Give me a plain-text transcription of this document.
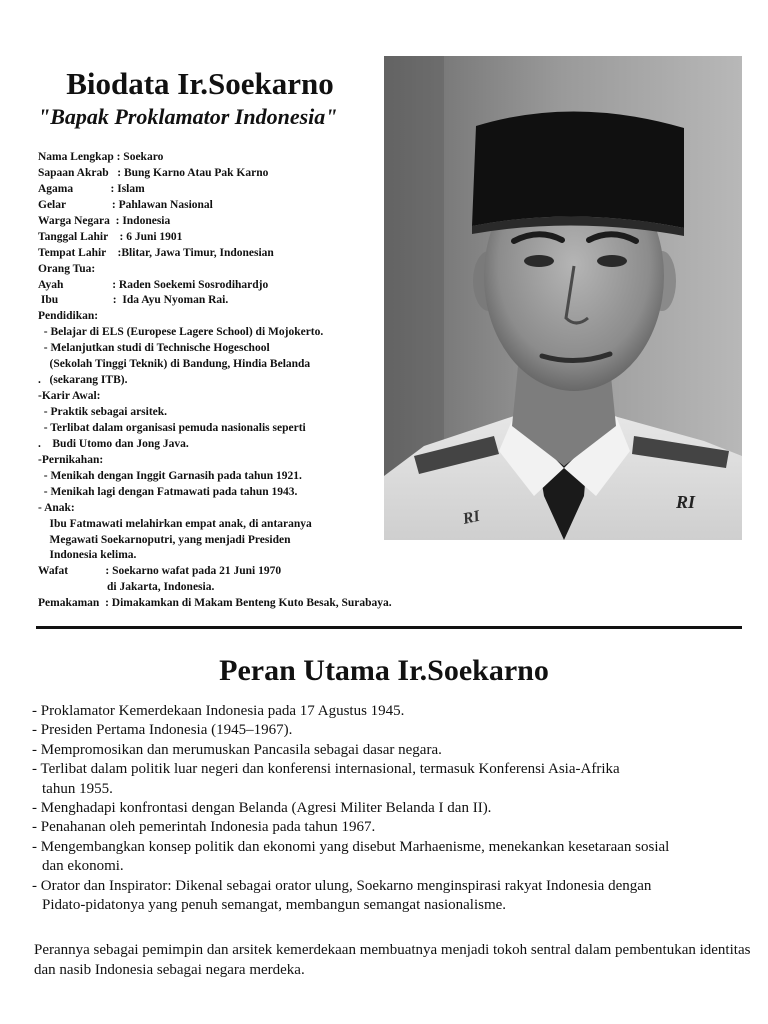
Biodata Ir.Soekarno
"Bapak Proklamator Indonesia"
Nama Lengkap : Soekaro
Sapaan Akrab   : Bung Karno Atau Pak Karno
Agama             : Islam
Gelar                : Pahlawan Nasional
Warga Negara  : Indonesia
Tanggal Lahir    : 6 Juni 1901
Tempat Lahir    :Blitar, Jawa Timur, Indonesian
Orang Tua:
Ayah                 : Raden Soekemi Sosrodihardjo
Ibu                   :  Ida Ayu Nyoman Rai.
Pendidikan:
- Belajar di ELS (Europese Lagere School) di Mojokerto.
- Melanjutkan studi di Technische Hogeschool
(Sekolah Tinggi Teknik) di Bandung, Hindia Belanda
.   (sekarang ITB).
-Karir Awal:
- Praktik sebagai arsitek.
- Terlibat dalam organisasi pemuda nasionalis seperti
.    Budi Utomo dan Jong Java.
-Pernikahan:
- Menikah dengan Inggit Garnasih pada tahun 1921.
- Menikah lagi dengan Fatmawati pada tahun 1943.
- Anak:
Ibu Fatmawati melahirkan empat anak, di antaranya
Megawati Soekarnoputri, yang menjadi Presiden
Indonesia kelima.
Wafat             : Soekarno wafat pada 21 Juni 1970
di Jakarta, Indonesia.
Pemakaman  : Dimakamkan di Makam Benteng Kuto Besak, Surabaya.
RI
RI
Peran Utama Ir.Soekarno
- Proklamator Kemerdekaan Indonesia pada 17 Agustus 1945.
- Presiden Pertama Indonesia (1945–1967).
- Mempromosikan dan merumuskan Pancasila sebagai dasar negara.
- Terlibat dalam politik luar negeri dan konferensi internasional, termasuk Konferensi Asia-Afrika
tahun 1955.
- Menghadapi konfrontasi dengan Belanda (Agresi Militer Belanda I dan II).
- Penahanan oleh pemerintah Indonesia pada tahun 1967.
- Mengembangkan konsep politik dan ekonomi yang disebut Marhaenisme, menekankan kesetaraan sosial
dan ekonomi.
- Orator dan Inspirator: Dikenal sebagai orator ulung, Soekarno menginspirasi rakyat Indonesia dengan
Pidato-pidatonya yang penuh semangat, membangun semangat nasionalisme.

Perannya sebagai pemimpin dan arsitek kemerdekaan membuatnya menjadi tokoh sentral dalam pembentukan identitas dan nasib Indonesia sebagai negara merdeka.
